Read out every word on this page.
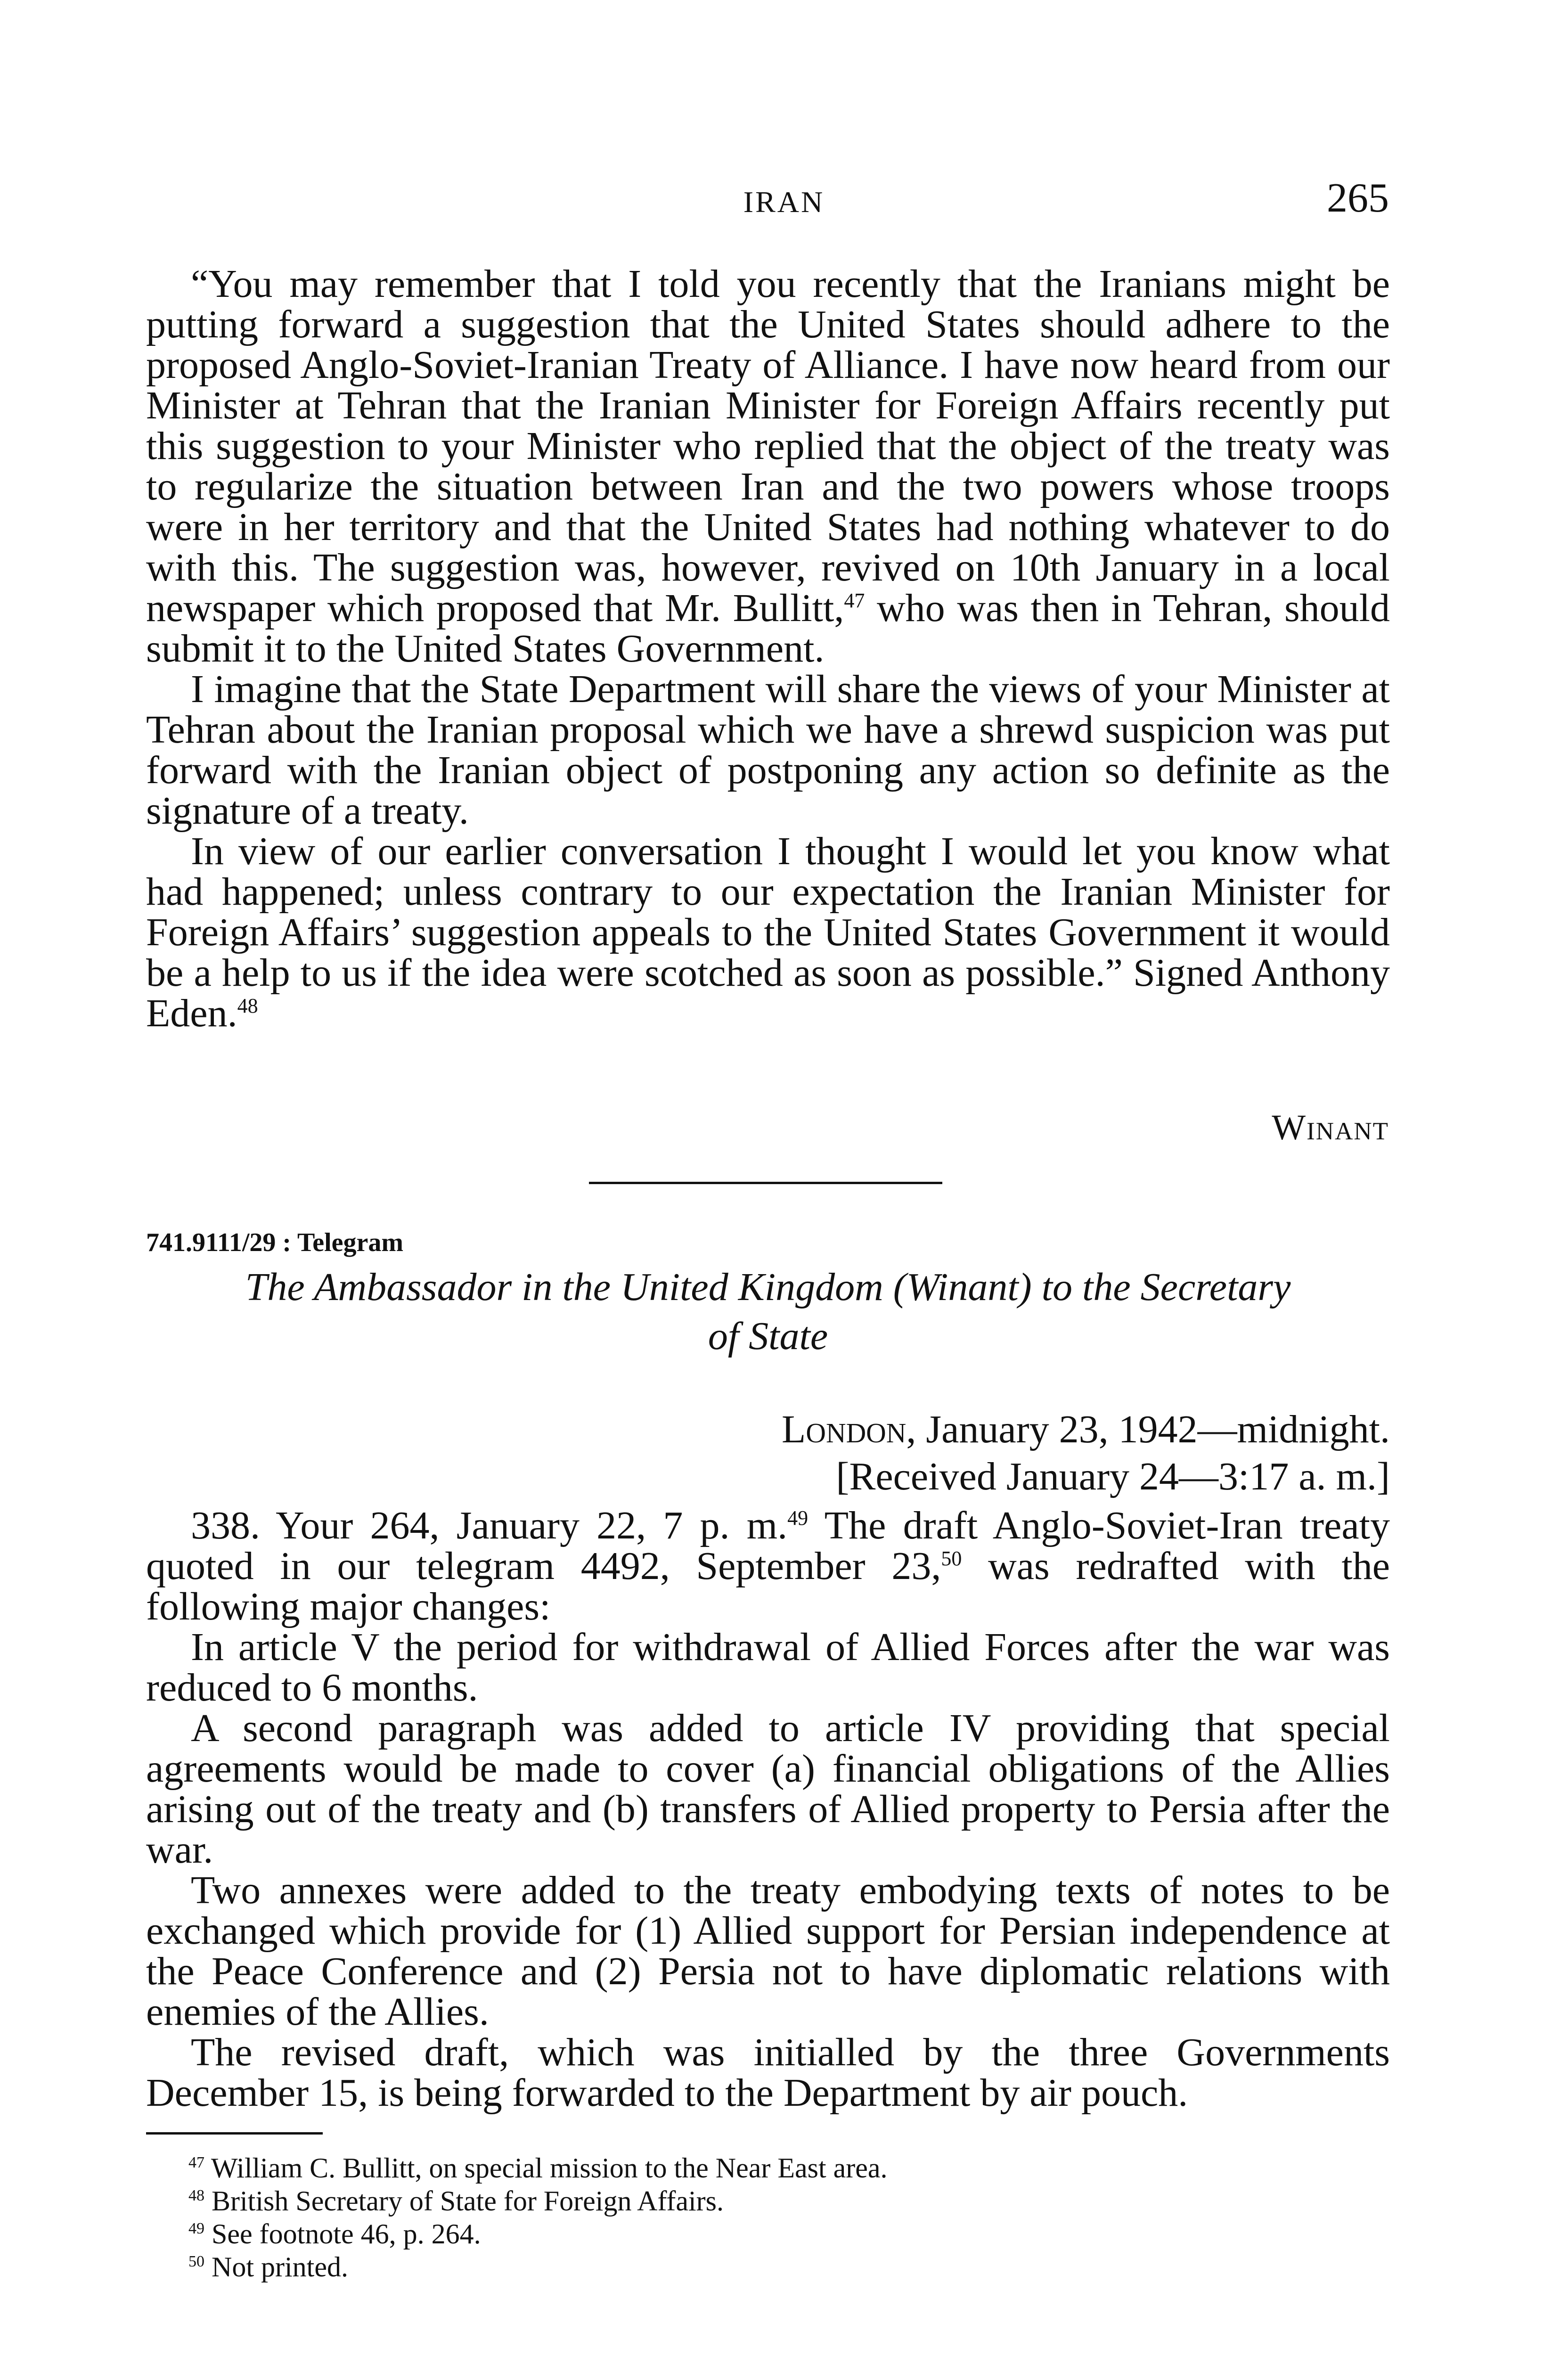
IRAN	265

“You may remember that I told you recently that the Iranians might be putting forward a suggestion that the United States should adhere to the proposed Anglo-Soviet-Iranian Treaty of Alliance. I have now heard from our Minister at Tehran that the Iranian Minister for Foreign Affairs recently put this suggestion to your Minister who replied that the object of the treaty was to regularize the situation between Iran and the two powers whose troops were in her territory and that the United States had nothing whatever to do with this. The suggestion was, however, revived on 10th January in a local newspaper which proposed that Mr. Bullitt,$^{47}$ who was then in Tehran, should submit it to the United States Government.

I imagine that the State Department will share the views of your Minister at Tehran about the Iranian proposal which we have a shrewd suspicion was put forward with the Iranian object of postponing any action so definite as the signature of a treaty.

In view of our earlier conversation I thought I would let you know what had happened; unless contrary to our expectation the Iranian Minister for Foreign Affairs’ suggestion appeals to the United States Government it would be a help to us if the idea were scotched as soon as possible.” Signed Anthony Eden.$^{48}$

Winant
741.9111/29 : Telegram
The Ambassador in the United Kingdom (Winant) to the Secretary
of State
London, January 23, 1942—midnight.
[Received January 24—3:17 a. m.]

338. Your 264, January 22, 7 p. m.$^{49}$ The draft Anglo-Soviet-Iran treaty quoted in our telegram 4492, September 23,50 was redrafted with the following major changes:

In article V the period for withdrawal of Allied Forces after the war was reduced to 6 months.

A second paragraph was added to article IV providing that special agreements would be made to cover (a) financial obligations of the Allies arising out of the treaty and (b) transfers of Allied property to Persia after the war.

Two annexes were added to the treaty embodying texts of notes to be exchanged which provide for (1) Allied support for Persian independence at the Peace Conference and (2) Persia not to have diplomatic relations with enemies of the Allies.

The revised draft, which was initialled by the three Governments December 15, is being forwarded to the Department by air pouch.

$^{47}$ William C. Bullitt, on special mission to the Near East area.

$^{48}$ British Secretary of State for Foreign Affairs.

$^{49}$ See footnote 46, p. 264.

$^{50}$ Not printed.
